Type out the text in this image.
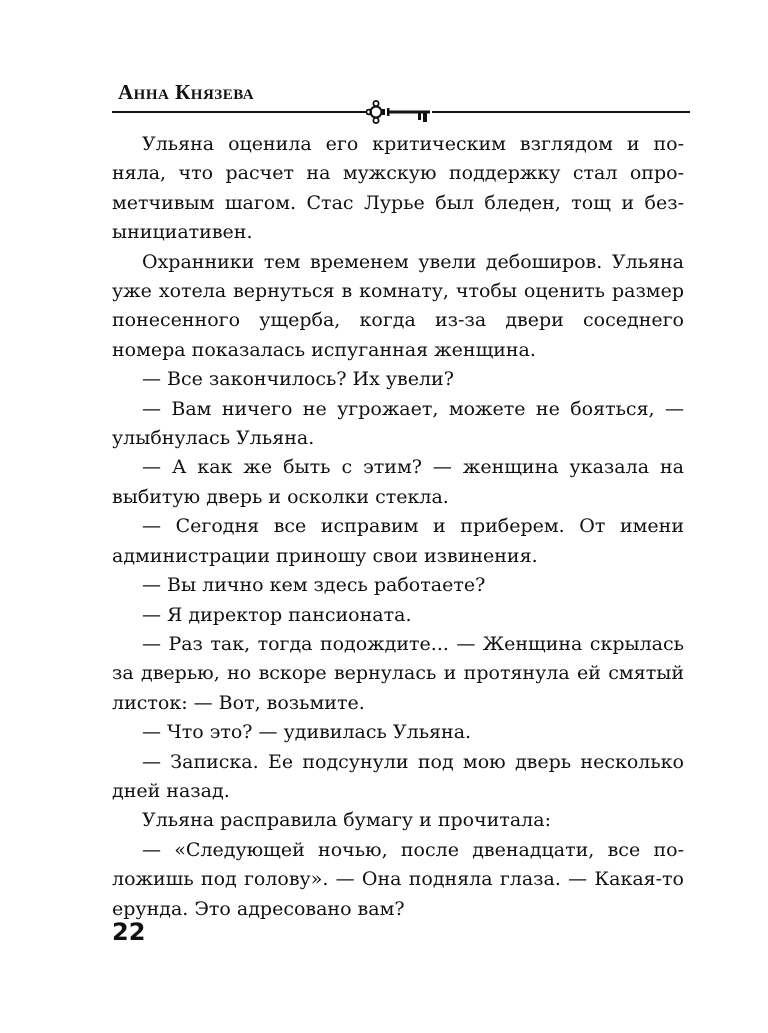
Анна Князева

Ульяна оценила его критическим взглядом и поняла, что расчет на мужскую поддержку стал опрометчивым шагом. Стас Лурье был бледен, тощ и безынициативен.

Охранники тем временем увели дебоширов. Ульяна уже хотела вернуться в комнату, чтобы оценить размер понесенного ущерба, когда из-за двери соседнего номера показалась испуганная женщина.

— Все закончилось? Их увели?

— Вам ничего не угрожает, можете не бояться, — улыбнулась Ульяна.

— А как же быть с этим? — женщина указала на выбитую дверь и осколки стекла.

— Сегодня все исправим и приберем. От имени администрации приношу свои извинения.

— Вы лично кем здесь работаете?

— Я директор пансионата.

— Раз так, тогда подождите... — Женщина скрылась за дверью, но вскоре вернулась и протянула ей смятый листок: — Вот, возьмите.

— Что это? — удивилась Ульяна.

— Записка. Ее подсунули под мою дверь несколько дней назад.

Ульяна расправила бумагу и прочитала:

— «Следующей ночью, после двенадцати, все положишь под голову». — Она подняла глаза. — Какая-то ерунда. Это адресовано вам?

22
